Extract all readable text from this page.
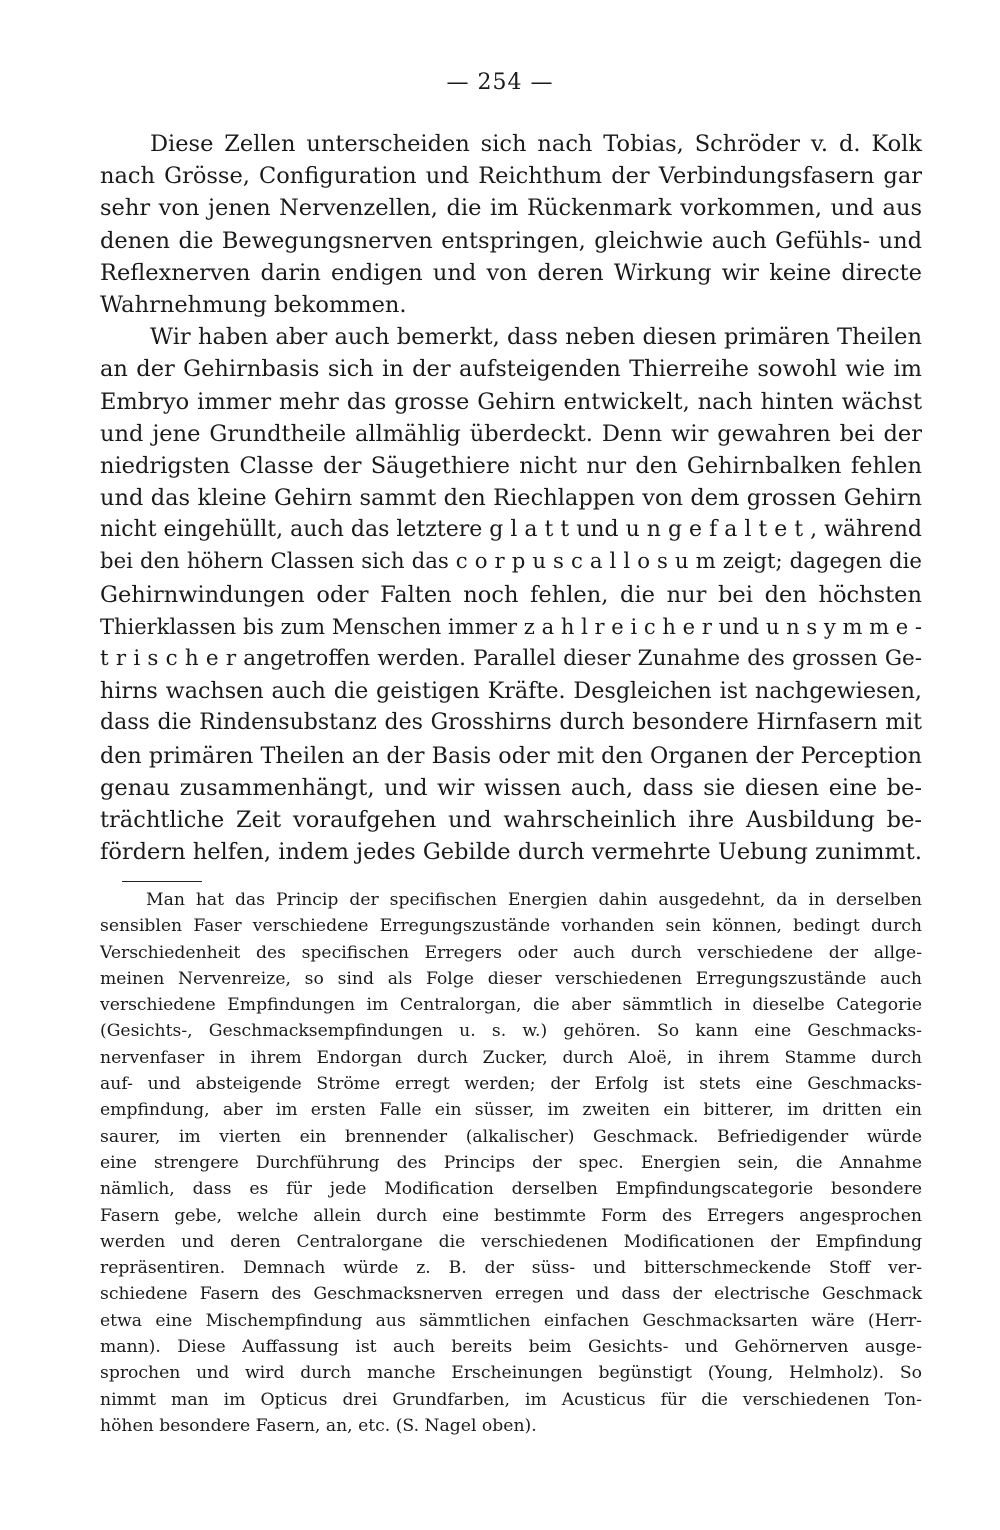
— 254 —
Diese Zellen unterscheiden sich nach Tobias, Schröder v. d. Kolk
nach Grösse, Configuration und Reichthum der Verbindungsfasern gar
sehr von jenen Nervenzellen, die im Rückenmark vorkommen, und aus
denen die Bewegungsnerven entspringen, gleichwie auch Gefühls- und
Reflexnerven darin endigen und von deren Wirkung wir keine directe
Wahrnehmung bekommen.
Wir haben aber auch bemerkt, dass neben diesen primären Theilen
an der Gehirnbasis sich in der aufsteigenden Thierreihe sowohl wie im
Embryo immer mehr das grosse Gehirn entwickelt, nach hinten wächst
und jene Grundtheile allmählig überdeckt. Denn wir gewahren bei der
niedrigsten Classe der Säugethiere nicht nur den Gehirnbalken fehlen
und das kleine Gehirn sammt den Riechlappen von dem grossen Gehirn
nicht eingehüllt, auch das letztere g l a t t und u n g e f a l t e t , während
bei den höhern Classen sich das c o r p u s c a l l o s u m zeigt; dagegen die
Gehirnwindungen oder Falten noch fehlen, die nur bei den höchsten
Thierklassen bis zum Menschen immer z a h l r e i c h e r und u n s y m m e -
t r i s c h e r angetroffen werden. Parallel dieser Zunahme des grossen Ge-
hirns wachsen auch die geistigen Kräfte. Desgleichen ist nachgewiesen,
dass die Rindensubstanz des Grosshirns durch besondere Hirnfasern mit
den primären Theilen an der Basis oder mit den Organen der Perception
genau zusammenhängt, und wir wissen auch, dass sie diesen eine be-
trächtliche Zeit voraufgehen und wahrscheinlich ihre Ausbildung be-
fördern helfen, indem jedes Gebilde durch vermehrte Uebung zunimmt.
Man hat das Princip der specifischen Energien dahin ausgedehnt, da in derselben
sensiblen Faser verschiedene Erregungszustände vorhanden sein können, bedingt durch
Verschiedenheit des specifischen Erregers oder auch durch verschiedene der allge-
meinen Nervenreize, so sind als Folge dieser verschiedenen Erregungszustände auch
verschiedene Empfindungen im Centralorgan, die aber sämmtlich in dieselbe Categorie
(Gesichts-, Geschmacksempfindungen u. s. w.) gehören. So kann eine Geschmacks-
nervenfaser in ihrem Endorgan durch Zucker, durch Aloë, in ihrem Stamme durch
auf- und absteigende Ströme erregt werden; der Erfolg ist stets eine Geschmacks-
empfindung, aber im ersten Falle ein süsser, im zweiten ein bitterer, im dritten ein
saurer, im vierten ein brennender (alkalischer) Geschmack. Befriedigender würde
eine strengere Durchführung des Princips der spec. Energien sein, die Annahme
nämlich, dass es für jede Modification derselben Empfindungscategorie besondere
Fasern gebe, welche allein durch eine bestimmte Form des Erregers angesprochen
werden und deren Centralorgane die verschiedenen Modificationen der Empfindung
repräsentiren. Demnach würde z. B. der süss- und bitterschmeckende Stoff ver-
schiedene Fasern des Geschmacksnerven erregen und dass der electrische Geschmack
etwa eine Mischempfindung aus sämmtlichen einfachen Geschmacksarten wäre (Herr-
mann). Diese Auffassung ist auch bereits beim Gesichts- und Gehörnerven ausge-
sprochen und wird durch manche Erscheinungen begünstigt (Young, Helmholz). So
nimmt man im Opticus drei Grundfarben, im Acusticus für die verschiedenen Ton-
höhen besondere Fasern, an, etc. (S. Nagel oben).
